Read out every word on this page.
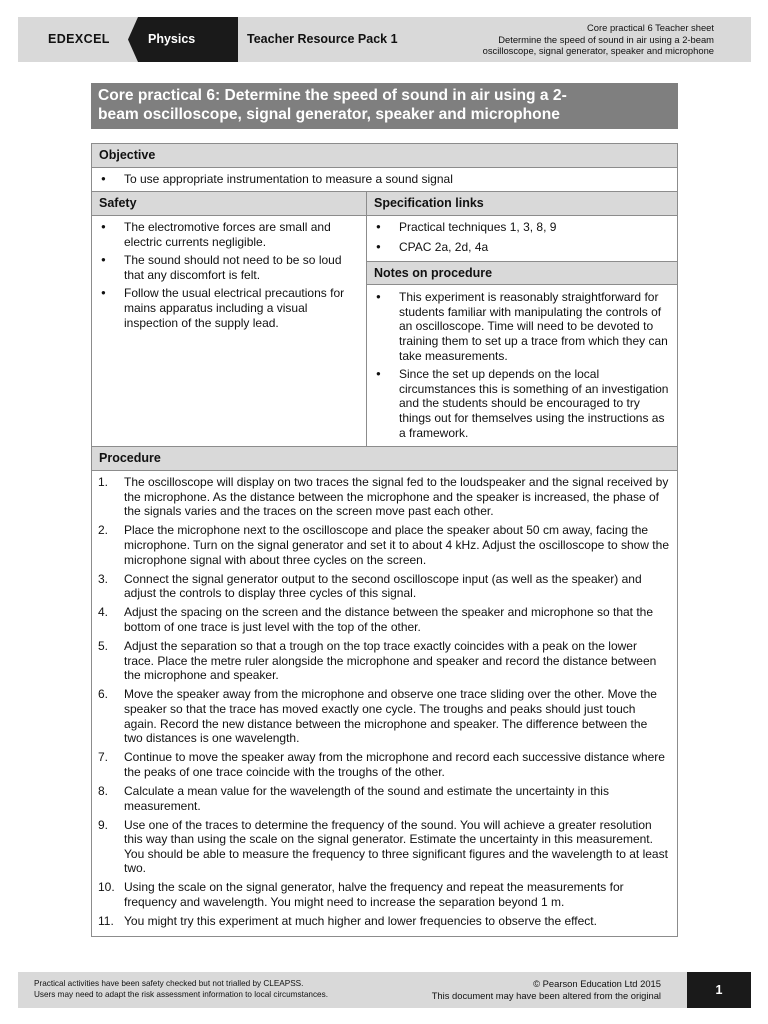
EDEXCEL	Physics	Teacher Resource Pack 1
Core practical 6 Teacher sheet
Determine the speed of sound in air using a 2-beam
oscilloscope, signal generator, speaker and microphone
Core practical 6: Determine the speed of sound in air using a 2-
beam oscilloscope, signal generator, speaker and microphone
Objective
● To use appropriate instrumentation to measure a sound signal
Safety
● The electromotive forces are small and electric currents negligible.
● The sound should not need to be so loud that any discomfort is felt.
● Follow the usual electrical precautions for mains apparatus including a visual inspection of the supply lead.
Specification links
● Practical techniques 1, 3, 8, 9
● CPAC 2a, 2d, 4a
Notes on procedure
● This experiment is reasonably straightforward for students familiar with manipulating the controls of an oscilloscope. Time will need to be devoted to training them to set up a trace from which they can take measurements.
● Since the set up depends on the local circumstances this is something of an investigation and the students should be encouraged to try things out for themselves using the instructions as a framework.
Procedure
1. The oscilloscope will display on two traces the signal fed to the loudspeaker and the signal received by the microphone. As the distance between the microphone and the speaker is increased, the phase of the signals varies and the traces on the screen move past each other.
2. Place the microphone next to the oscilloscope and place the speaker about 50 cm away, facing the microphone. Turn on the signal generator and set it to about 4 kHz. Adjust the oscilloscope to show the microphone signal with about three cycles on the screen.
3. Connect the signal generator output to the second oscilloscope input (as well as the speaker) and adjust the controls to display three cycles of this signal.
4. Adjust the spacing on the screen and the distance between the speaker and microphone so that the bottom of one trace is just level with the top of the other.
5. Adjust the separation so that a trough on the top trace exactly coincides with a peak on the lower trace. Place the metre ruler alongside the microphone and speaker and record the distance between the microphone and speaker.
6. Move the speaker away from the microphone and observe one trace sliding over the other. Move the speaker so that the trace has moved exactly one cycle. The troughs and peaks should just touch again. Record the new distance between the microphone and speaker. The difference between the two distances is one wavelength.
7. Continue to move the speaker away from the microphone and record each successive distance where the peaks of one trace coincide with the troughs of the other.
8. Calculate a mean value for the wavelength of the sound and estimate the uncertainty in this measurement.
9. Use one of the traces to determine the frequency of the sound. You will achieve a greater resolution this way than using the scale on the signal generator. Estimate the uncertainty in this measurement. You should be able to measure the frequency to three significant figures and the wavelength to at least two.
10. Using the scale on the signal generator, halve the frequency and repeat the measurements for frequency and wavelength. You might need to increase the separation beyond 1 m.
11. You might try this experiment at much higher and lower frequencies to observe the effect.
Practical activities have been safety checked but not trialled by CLEAPSS.
Users may need to adapt the risk assessment information to local circumstances.
© Pearson Education Ltd 2015
This document may have been altered from the original	1
